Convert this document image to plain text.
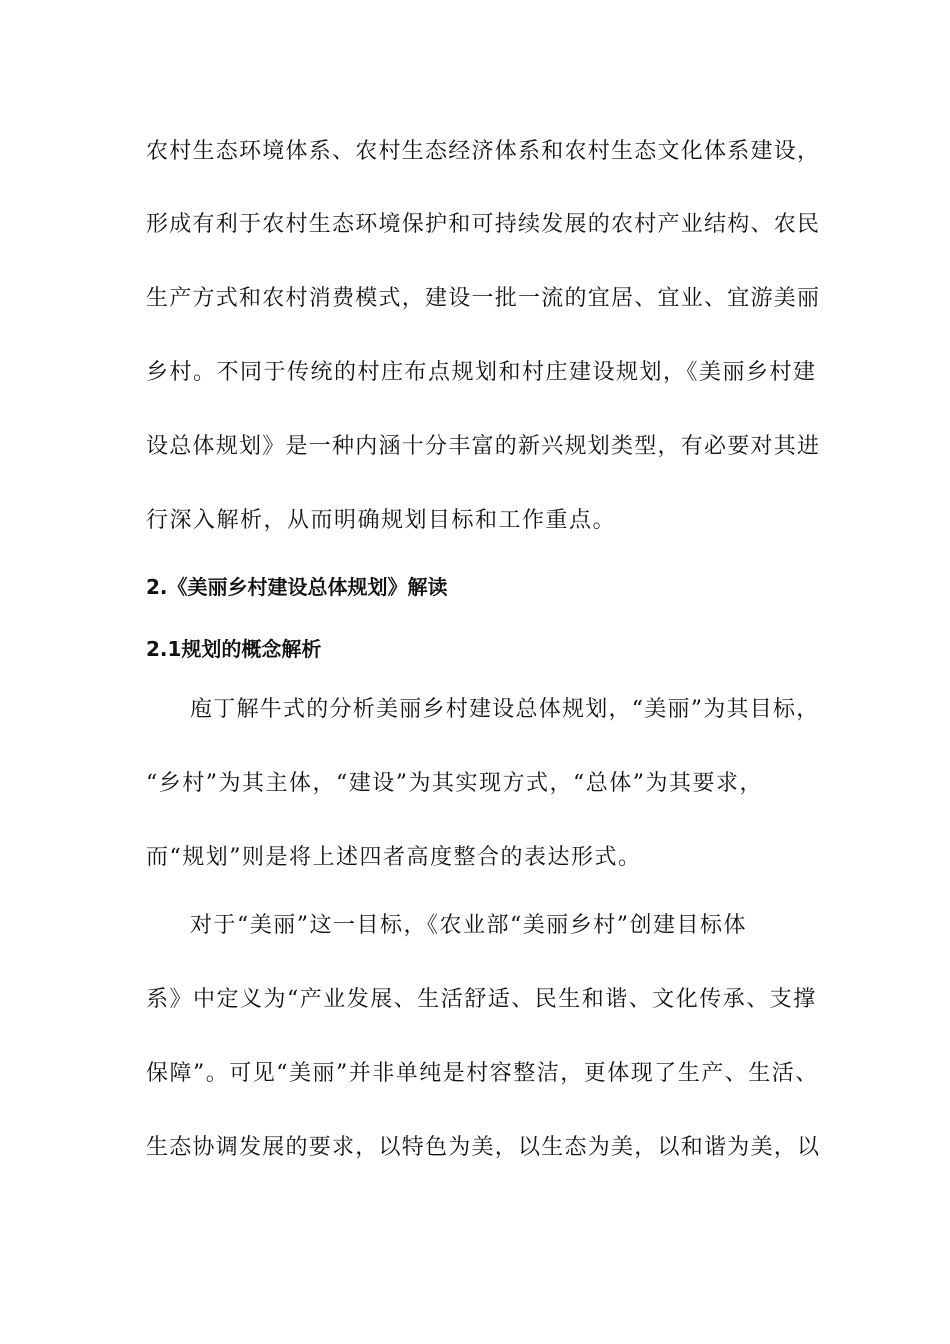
农村生态环境体系、农村生态经济体系和农村生态文化体系建设，
形成有利于农村生态环境保护和可持续发展的农村产业结构、农民
生产方式和农村消费模式，建设一批一流的宜居、宜业、宜游美丽
乡村。不同于传统的村庄布点规划和村庄建设规划，《美丽乡村建
设总体规划》是一种内涵十分丰富的新兴规划类型，有必要对其进
行深入解析，从而明确规划目标和工作重点。
2.《美丽乡村建设总体规划》解读
2.1规划的概念解析
庖丁解牛式的分析美丽乡村建设总体规划，“美丽”为其目标，
“乡村”为其主体，“建设”为其实现方式，“总体”为其要求，
而“规划”则是将上述四者高度整合的表达形式。
对于“美丽”这一目标，《农业部“美丽乡村”创建目标体
系》中定义为“产业发展、生活舒适、民生和谐、文化传承、支撑
保障”。可见“美丽”并非单纯是村容整洁，更体现了生产、生活、
生态协调发展的要求，以特色为美，以生态为美，以和谐为美，以
